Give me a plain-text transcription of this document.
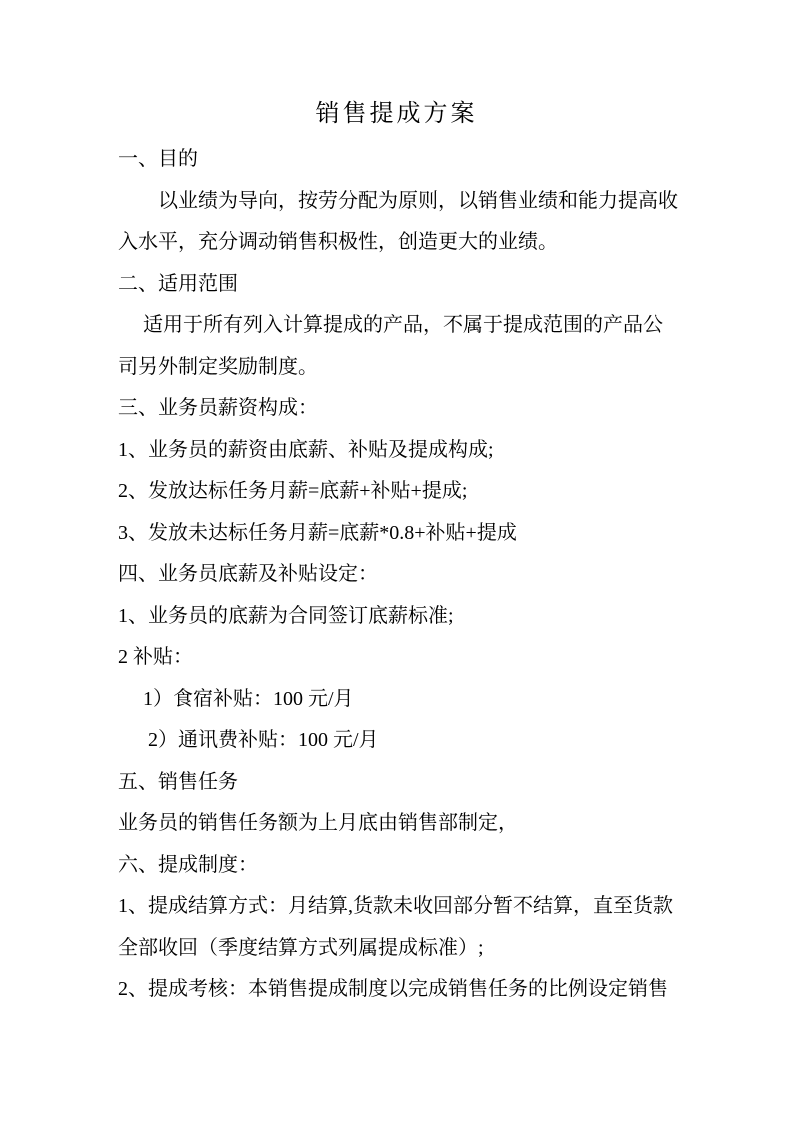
销售提成方案
一、目的
以业绩为导向，按劳分配为原则，以销售业绩和能力提高收
入水平，充分调动销售积极性，创造更大的业绩。
二、适用范围
适用于所有列入计算提成的产品，不属于提成范围的产品公
司另外制定奖励制度。
三、业务员薪资构成：
1、业务员的薪资由底薪、补贴及提成构成;
2、发放达标任务月薪=底薪+补贴+提成;
3、发放未达标任务月薪=底薪*0.8+补贴+提成
四、业务员底薪及补贴设定：
1、业务员的底薪为合同签订底薪标准;
2 补贴：
1）食宿补贴：100 元/月
2）通讯费补贴：100 元/月
五、销售任务
业务员的销售任务额为上月底由销售部制定，
六、提成制度：
1、提成结算方式：月结算,货款未收回部分暂不结算，直至货款
全部收回（季度结算方式列属提成标准）;
2、提成考核：本销售提成制度以完成销售任务的比例设定销售
